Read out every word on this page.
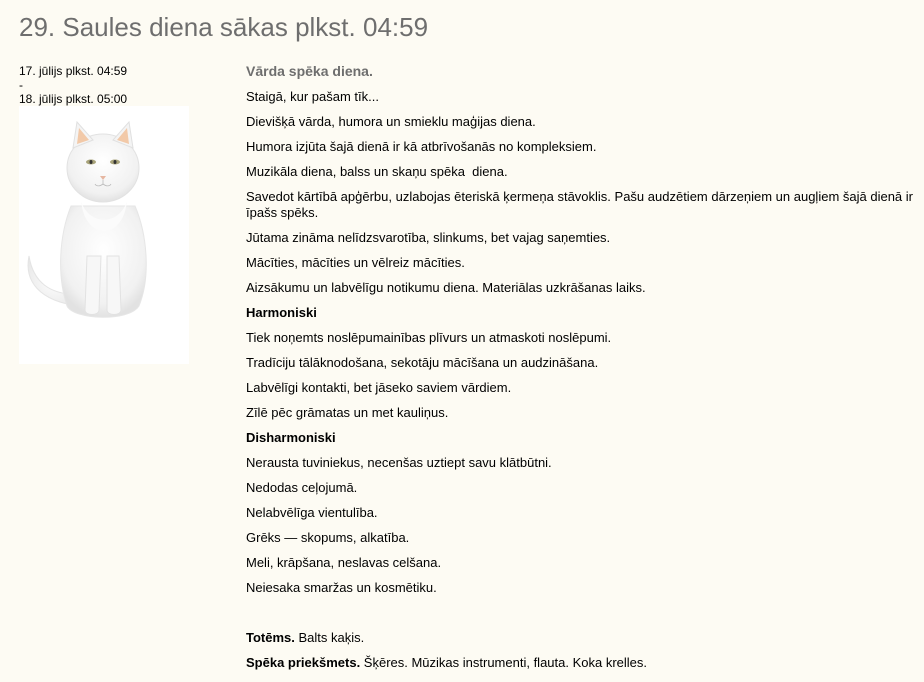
29. Saules diena sākas plkst. 04:59
17. jūlijs plkst. 04:59
-
18. jūlijs plkst. 05:00
Vārda spēka diena.

Staigā, kur pašam tīk...

Dievišķā vārda, humora un smieklu maģijas diena.

Humora izjūta šajā dienā ir kā atbrīvošanās no kompleksiem.

Muzikāla diena, balss un skaņu spēka  diena.

Savedot kārtībā apģērbu, uzlabojas ēteriskā ķermeņa stāvoklis. Pašu audzētiem dārzeņiem un augļiem šajā dienā ir īpašs spēks.

Jūtama zināma nelīdzsvarotība, slinkums, bet vajag saņemties.

Mācīties, mācīties un vēlreiz mācīties.

Aizsākumu un labvēlīgu notikumu diena. Materiālas uzkrāšanas laiks.

Harmoniski

Tiek noņemts noslēpumainības plīvurs un atmaskoti noslēpumi.

Tradīciju tālāknodošana, sekotāju mācīšana un audzināšana.

Labvēlīgi kontakti, bet jāseko saviem vārdiem.

Zīlē pēc grāmatas un met kauliņus.

Disharmoniski

Nerausta tuviniekus, necenšas uztiept savu klātbūtni.

Nedodas ceļojumā.

Nelabvēlīga vientulība.

Grēks — skopums, alkatība.

Meli, krāpšana, neslavas celšana.

Neiesaka smaržas un kosmētiku.

Totēms. Balts kaķis.

Spēka priekšmets. Šķēres. Mūzikas instrumenti, flauta. Koka krelles.
